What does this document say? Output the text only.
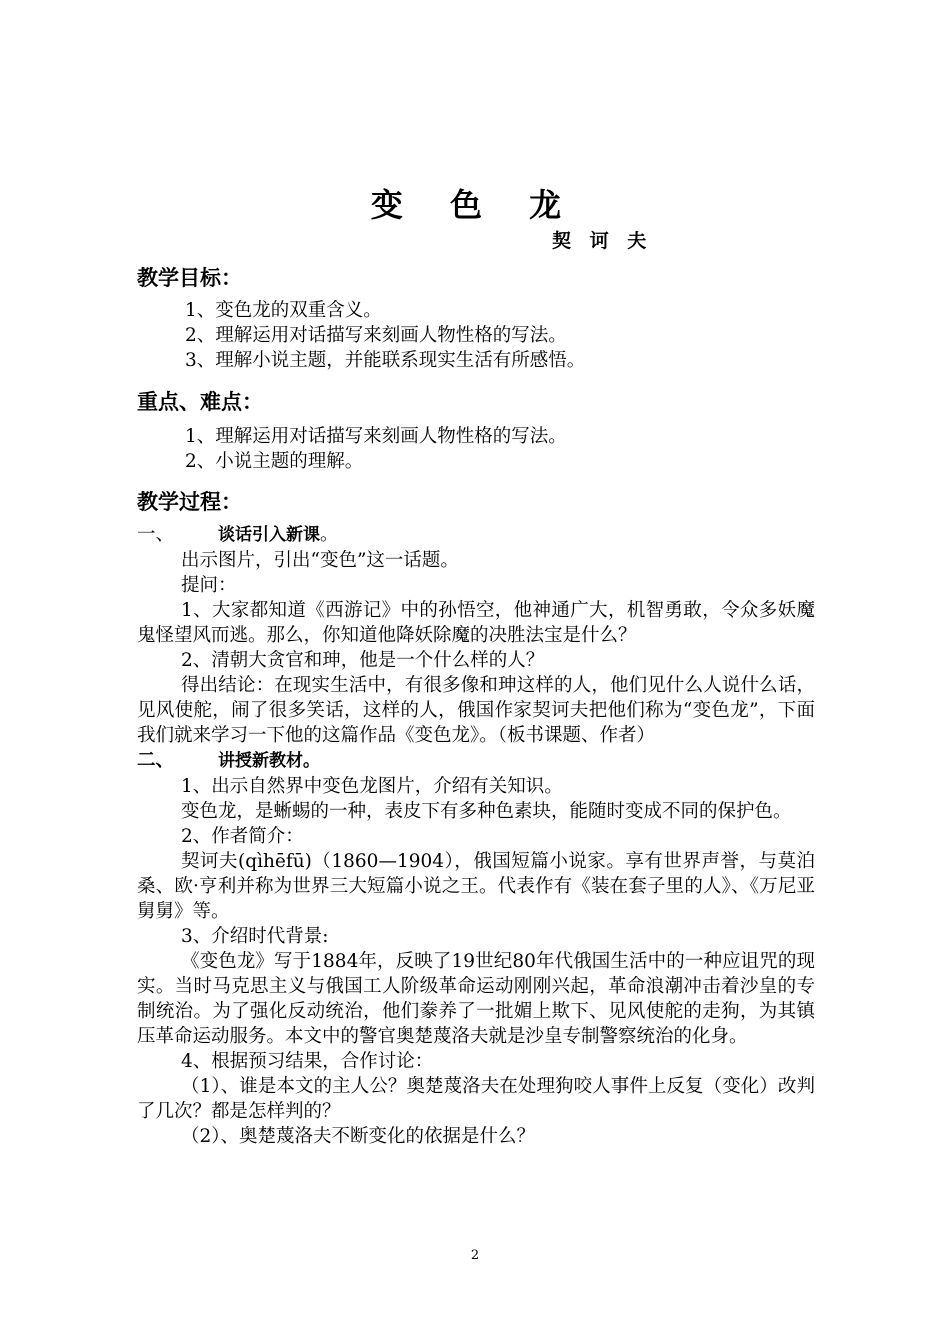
变 色 龙
契 诃 夫
教学目标：
1、变色龙的双重含义。
2、理解运用对话描写来刻画人物性格的写法。
3、理解小说主题，并能联系现实生活有所感悟。
重点、难点：
1、理解运用对话描写来刻画人物性格的写法。
2、小说主题的理解。
教学过程：
一、	谈话引入新课。
出示图片，引出“变色”这一话题。
提问：
1、大家都知道《西游记》中的孙悟空，他神通广大，机智勇敢，令众多妖魔鬼怪望风而逃。那么，你知道他降妖除魔的决胜法宝是什么？
2、清朝大贪官和珅，他是一个什么样的人？
得出结论：在现实生活中，有很多像和珅这样的人，他们见什么人说什么话，见风使舵，闹了很多笑话，这样的人，俄国作家契诃夫把他们称为“变色龙”，下面我们就来学习一下他的这篇作品《变色龙》。（板书课题、作者）
二、	讲授新教材。
1、出示自然界中变色龙图片，介绍有关知识。
变色龙，是蜥蜴的一种，表皮下有多种色素块，能随时变成不同的保护色。
2、作者简介：
契诃夫(qìhēfū)（1860—1904），俄国短篇小说家。享有世界声誉，与莫泊桑、欧·亨利并称为世界三大短篇小说之王。代表作有《装在套子里的人》、《万尼亚舅舅》等。
3、介绍时代背景:
《变色龙》写于1884年，反映了19世纪80年代俄国生活中的一种应诅咒的现实。当时马克思主义与俄国工人阶级革命运动刚刚兴起，革命浪潮冲击着沙皇的专制统治。为了强化反动统治，他们豢养了一批媚上欺下、见风使舵的走狗，为其镇压革命运动服务。本文中的警官奥楚蔑洛夫就是沙皇专制警察统治的化身。
4、根据预习结果，合作讨论：
（1）、谁是本文的主人公？奥楚蔑洛夫在处理狗咬人事件上反复（变化）改判了几次？都是怎样判的？
（2）、奥楚蔑洛夫不断变化的依据是什么？
2
